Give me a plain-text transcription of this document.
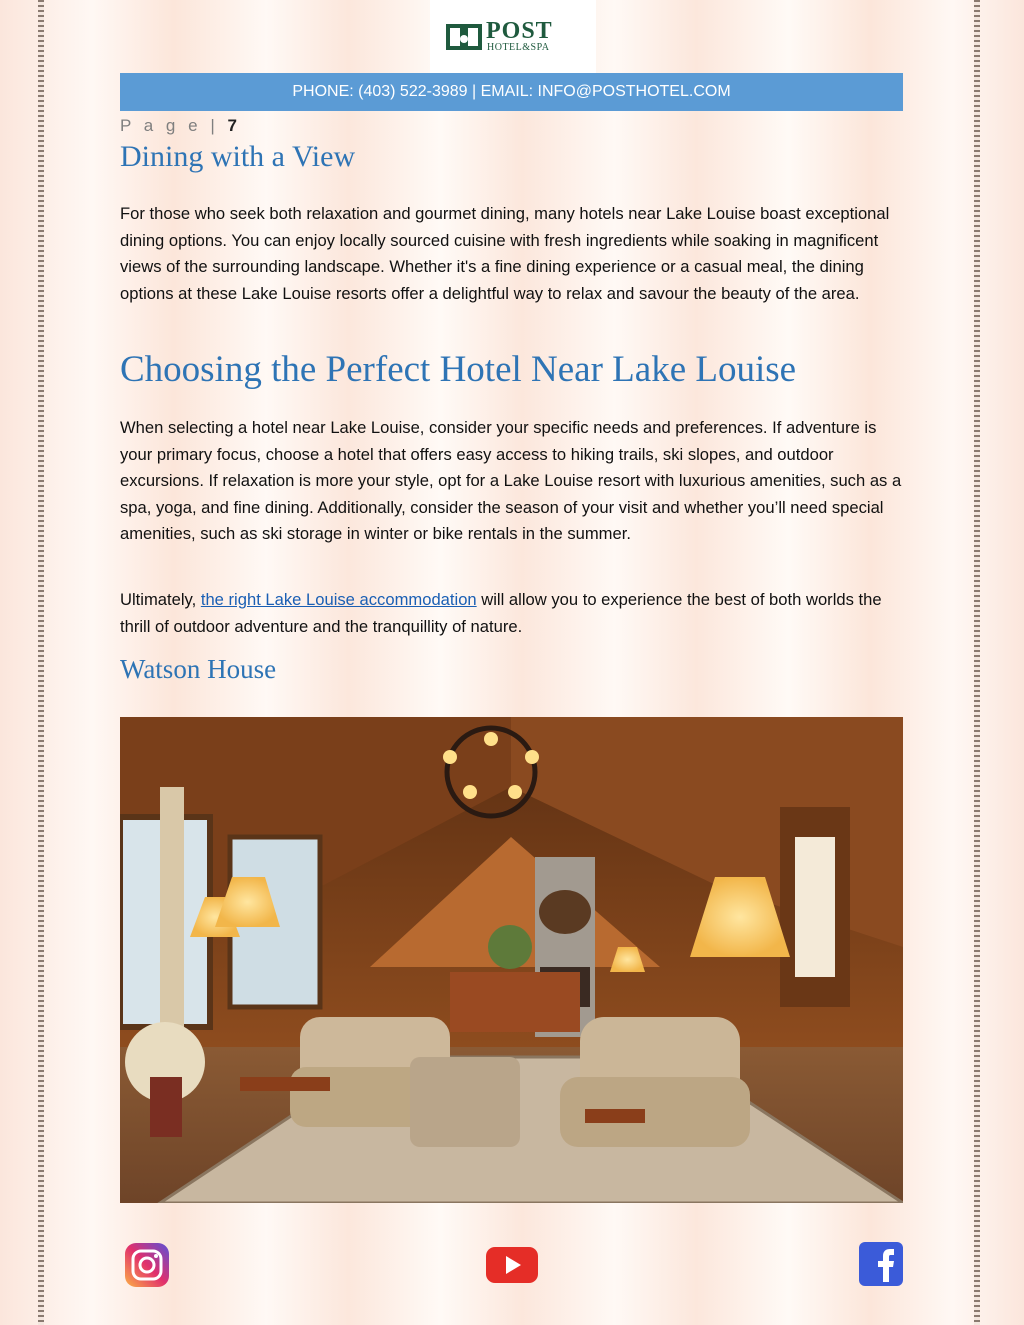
POST
HOTEL&SPA
PHONE: (403) 522-3989 | EMAIL: INFO@POSTHOTEL.COM
P a g e | 7
Dining with a View

For those who seek both relaxation and gourmet dining, many hotels near Lake Louise boast exceptional dining options. You can enjoy locally sourced cuisine with fresh ingredients while soaking in magnificent views of the surrounding landscape. Whether it's a fine dining experience or a casual meal, the dining options at these Lake Louise resorts offer a delightful way to relax and savour the beauty of the area.

Choosing the Perfect Hotel Near Lake Louise

When selecting a hotel near Lake Louise, consider your specific needs and preferences. If adventure is your primary focus, choose a hotel that offers easy access to hiking trails, ski slopes, and outdoor excursions. If relaxation is more your style, opt for a Lake Louise resort with luxurious amenities, such as a spa, yoga, and fine dining. Additionally, consider the season of your visit and whether you’ll need special amenities, such as ski storage in winter or bike rentals in the summer.

Ultimately, the right Lake Louise accommodation will allow you to experience the best of both worlds the thrill of outdoor adventure and the tranquillity of nature.

Watson House
